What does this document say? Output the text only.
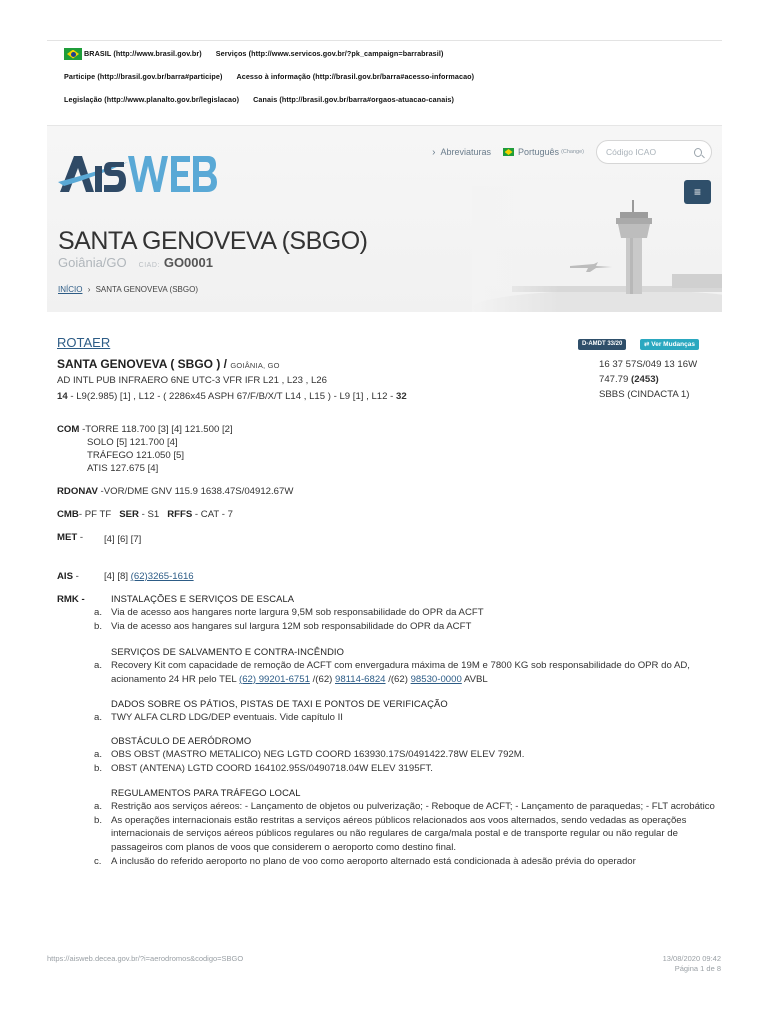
BRASIL (http://www.brasil.gov.br) Serviços (http://www.servicos.gov.br/?pk_campaign=barrabrasil)
Participe (http://brasil.gov.br/barra#participe) Acesso à informação (http://brasil.gov.br/barra#acesso-informacao)
Legislação (http://www.planalto.gov.br/legislacao) Canais (http://brasil.gov.br/barra#orgaos-atuacao-canais)
› Abreviaturas	Português (Change)
Código ICAO
SANTA GENOVEVA (SBGO)
Goiânia/GO CIAD: GO0001
INÍCIO › SANTA GENOVEVA (SBGO)
ROTAER	D-AMDT 33/20	⇄ Ver Mudanças
16 37 57S/049 13 16W
747.79 (2453)
SBBS (CINDACTA 1)
SANTA GENOVEVA ( SBGO ) / GOIÂNIA, GO
AD INTL PUB INFRAERO 6NE UTC-3 VFR IFR L21 , L23 , L26
14 - L9(2.985) [1] , L12 - ( 2286x45 ASPH 67/F/B/X/T L14 , L15 ) - L9 [1] , L12 - 32
COM -TORRE 118.700 [3] [4] 121.500 [2]
SOLO [5] 121.700 [4]
TRÁFEGO 121.050 [5]
ATIS 127.675 [4]
RDONAV -VOR/DME GNV 115.9 1638.47S/04912.67W
CMB- PF TF SER - S1 RFFS - CAT - 7
MET - [4] [6] [7]
AIS -	[4] [8] (62)3265-1616
RMK -	INSTALAÇÕES E SERVIÇOS DE ESCALA
a. Via de acesso aos hangares norte largura 9,5M sob responsabilidade do OPR da ACFT
b. Via de acesso aos hangares sul largura 12M sob responsabilidade do OPR da ACFT
SERVIÇOS DE SALVAMENTO E CONTRA-INCÊNDIO
a. Recovery Kit com capacidade de remoção de ACFT com envergadura máxima de 19M e 7800 KG sob responsabilidade do OPR do AD, acionamento 24 HR pelo TEL (62) 99201-6751 /(62) 98114-6824 /(62) 98530-0000 AVBL
DADOS SOBRE OS PÁTIOS, PISTAS DE TAXI E PONTOS DE VERIFICAÇÃO
a. TWY ALFA CLRD LDG/DEP eventuais. Vide capítulo II
OBSTÁCULO DE AERÓDROMO
a. OBS OBST (MASTRO METALICO) NEG LGTD COORD 163930.17S/0491422.78W ELEV 792M.
b. OBST (ANTENA) LGTD COORD 164102.95S/0490718.04W ELEV 3195FT.
REGULAMENTOS PARA TRÁFEGO LOCAL
a. Restrição aos serviços aéreos: - Lançamento de objetos ou pulverização; - Reboque de ACFT; - Lançamento de paraquedas; - FLT acrobático
b. As operações internacionais estão restritas a serviços aéreos públicos relacionados aos voos alternados, sendo vedadas as operações internacionais de serviços aéreos públicos regulares ou não regulares de carga/mala postal e de transporte regular ou não regular de passageiros com planos de voos que considerem o aeroporto como destino final.
c. A inclusão do referido aeroporto no plano de voo como aeroporto alternado está condicionada à adesão prévia do operador
https://aisweb.decea.gov.br/?i=aerodromos&codigo=SBGO	13/08/2020 09:42
Página 1 de 8
